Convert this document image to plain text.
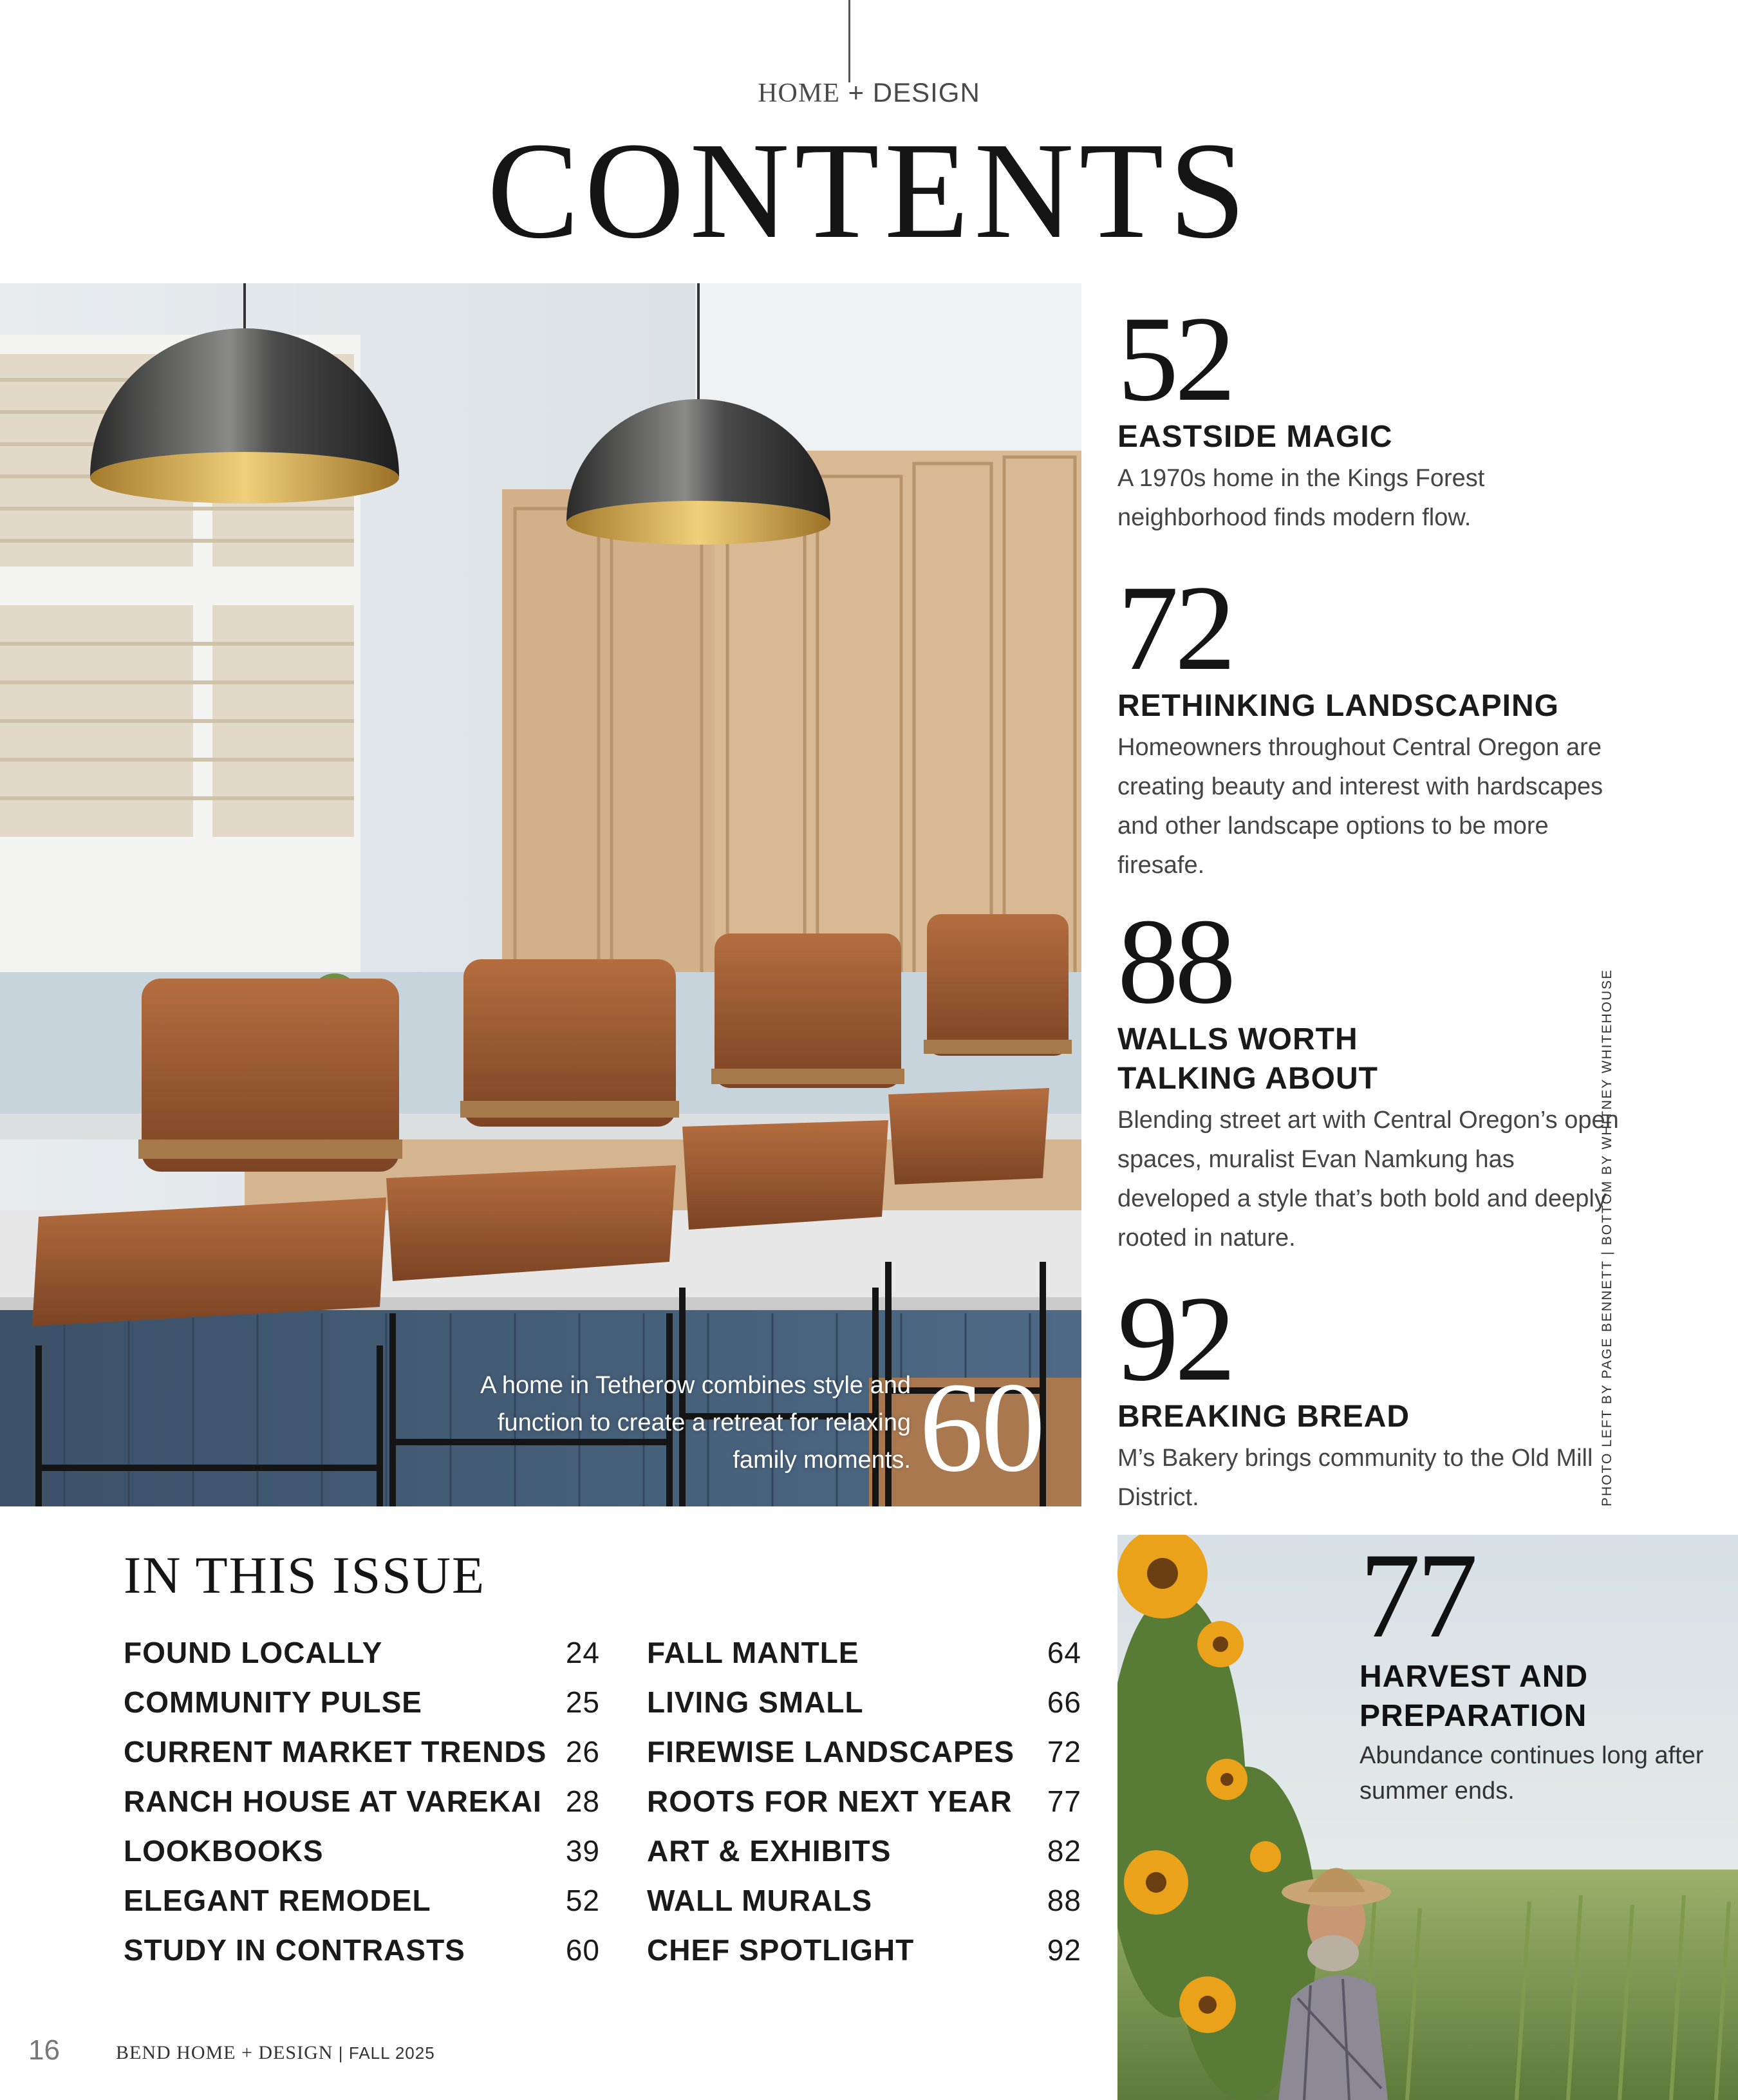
HOME + DESIGN
CONTENTS
A home in Tetherow combines style and function to create a retreat for relaxing family moments. 60
52
EASTSIDE MAGIC
A 1970s home in the Kings Forest neighborhood finds modern flow.
72
RETHINKING LANDSCAPING
Homeowners throughout Central Oregon are creating beauty and interest with hardscapes and other landscape options to be more firesafe.
88
WALLS WORTH
TALKING ABOUT
Blending street art with Central Oregon’s open spaces, muralist Evan Namkung has developed a style that’s both bold and deeply rooted in nature.
92
BREAKING BREAD
M’s Bakery brings community to the Old Mill District.	PHOTO LEFT BY PAGE BENNETT | BOTTOM BY WHITNEY WHITEHOUSE
77
HARVEST AND
PREPARATION
Abundance continues long after summer ends.
IN THIS ISSUE
FOUND LOCALLY	24
COMMUNITY PULSE	25
CURRENT MARKET TRENDS 26
RANCH HOUSE AT VAREKAI 28
LOOKBOOKS	39
ELEGANT REMODEL	52
STUDY IN CONTRASTS	60
FALL MANTLE	64
LIVING SMALL	66
FIREWISE LANDSCAPES 72
ROOTS FOR NEXT YEAR 77
ART & EXHIBITS	82
WALL MURALS	88
CHEF SPOTLIGHT	92
16	BEND HOME + DESIGN | FALL 2025
